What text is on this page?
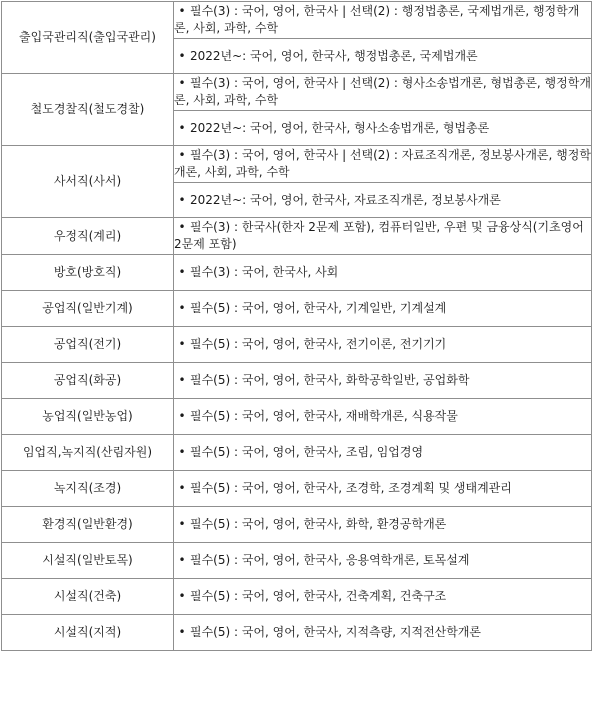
출입국관리직(출입국관리)	• 필수(3) : 국어, 영어, 한국사 | 선택(2) : 행정법총론, 국제법개론, 행정학개론, 사회, 과학, 수학
	• 2022년~: 국어, 영어, 한국사, 행정법총론, 국제법개론
철도경찰직(철도경찰)	• 필수(3) : 국어, 영어, 한국사 | 선택(2) : 형사소송법개론, 형법총론, 행정학개론, 사회, 과학, 수학
	• 2022년~: 국어, 영어, 한국사, 형사소송법개론, 형법총론
사서직(사서)	• 필수(3) : 국어, 영어, 한국사 | 선택(2) : 자료조직개론, 정보봉사개론, 행정학개론, 사회, 과학, 수학
	• 2022년~: 국어, 영어, 한국사, 자료조직개론, 정보봉사개론
우정직(계리)	• 필수(3) : 한국사(한자 2문제 포함), 컴퓨터일반, 우편 및 금융상식(기초영어 2문제 포함)
방호(방호직)	• 필수(3) : 국어, 한국사, 사회
공업직(일반기계)	• 필수(5) : 국어, 영어, 한국사, 기계일반, 기계설계
공업직(전기)	• 필수(5) : 국어, 영어, 한국사, 전기이론, 전기기기
공업직(화공)	• 필수(5) : 국어, 영어, 한국사, 화학공학일반, 공업화학
농업직(일반농업)	• 필수(5) : 국어, 영어, 한국사, 재배학개론, 식용작물
임업직,녹지직(산림자원)	• 필수(5) : 국어, 영어, 한국사, 조림, 임업경영
녹지직(조경)	• 필수(5) : 국어, 영어, 한국사, 조경학, 조경계획 및 생태계관리
환경직(일반환경)	• 필수(5) : 국어, 영어, 한국사, 화학, 환경공학개론
시설직(일반토목)	• 필수(5) : 국어, 영어, 한국사, 응용역학개론, 토목설계
시설직(건축)	• 필수(5) : 국어, 영어, 한국사, 건축계획, 건축구조
시설직(지적)	• 필수(5) : 국어, 영어, 한국사, 지적측량, 지적전산학개론
